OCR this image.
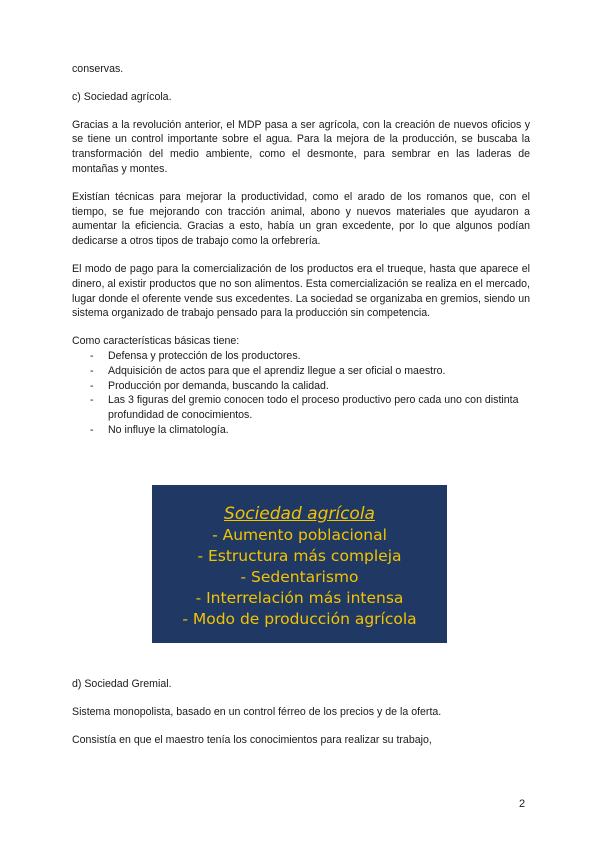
conservas.

c) Sociedad agrícola.

Gracias a la revolución anterior, el MDP pasa a ser agrícola, con la creación de nuevos oficios y se tiene un control importante sobre el agua. Para la mejora de la producción, se buscaba la transformación del medio ambiente, como el desmonte, para sembrar en las laderas de montañas y montes.

Existían técnicas para mejorar la productividad, como el arado de los romanos que, con el tiempo, se fue mejorando con tracción animal, abono y nuevos materiales que ayudaron a aumentar la eficiencia. Gracias a esto, había un gran excedente, por lo que algunos podían dedicarse a otros tipos de trabajo como la orfebrería.

El modo de pago para la comercialización de los productos era el trueque, hasta que aparece el dinero, al existir productos que no son alimentos. Esta comercialización se realiza en el mercado, lugar donde el oferente vende sus excedentes. La sociedad se organizaba en gremios, siendo un sistema organizado de trabajo pensado para la producción sin competencia.

Como características básicas tiene:

- Defensa y protección de los productores.
- Adquisición de actos para que el aprendiz llegue a ser oficial o maestro.
- Producción por demanda, buscando la calidad.
- Las 3 figuras del gremio conocen todo el proceso productivo pero cada uno con distinta profundidad de conocimientos.
- No influye la climatología.
Sociedad agrícola
- Aumento poblacional
- Estructura más compleja
- Sedentarismo
- Interrelación más intensa
- Modo de producción agrícola

d) Sociedad Gremial.

Sistema monopolista, basado en un control férreo de los precios y de la oferta.

Consistía en que el maestro tenía los conocimientos para realizar su trabajo,

2
